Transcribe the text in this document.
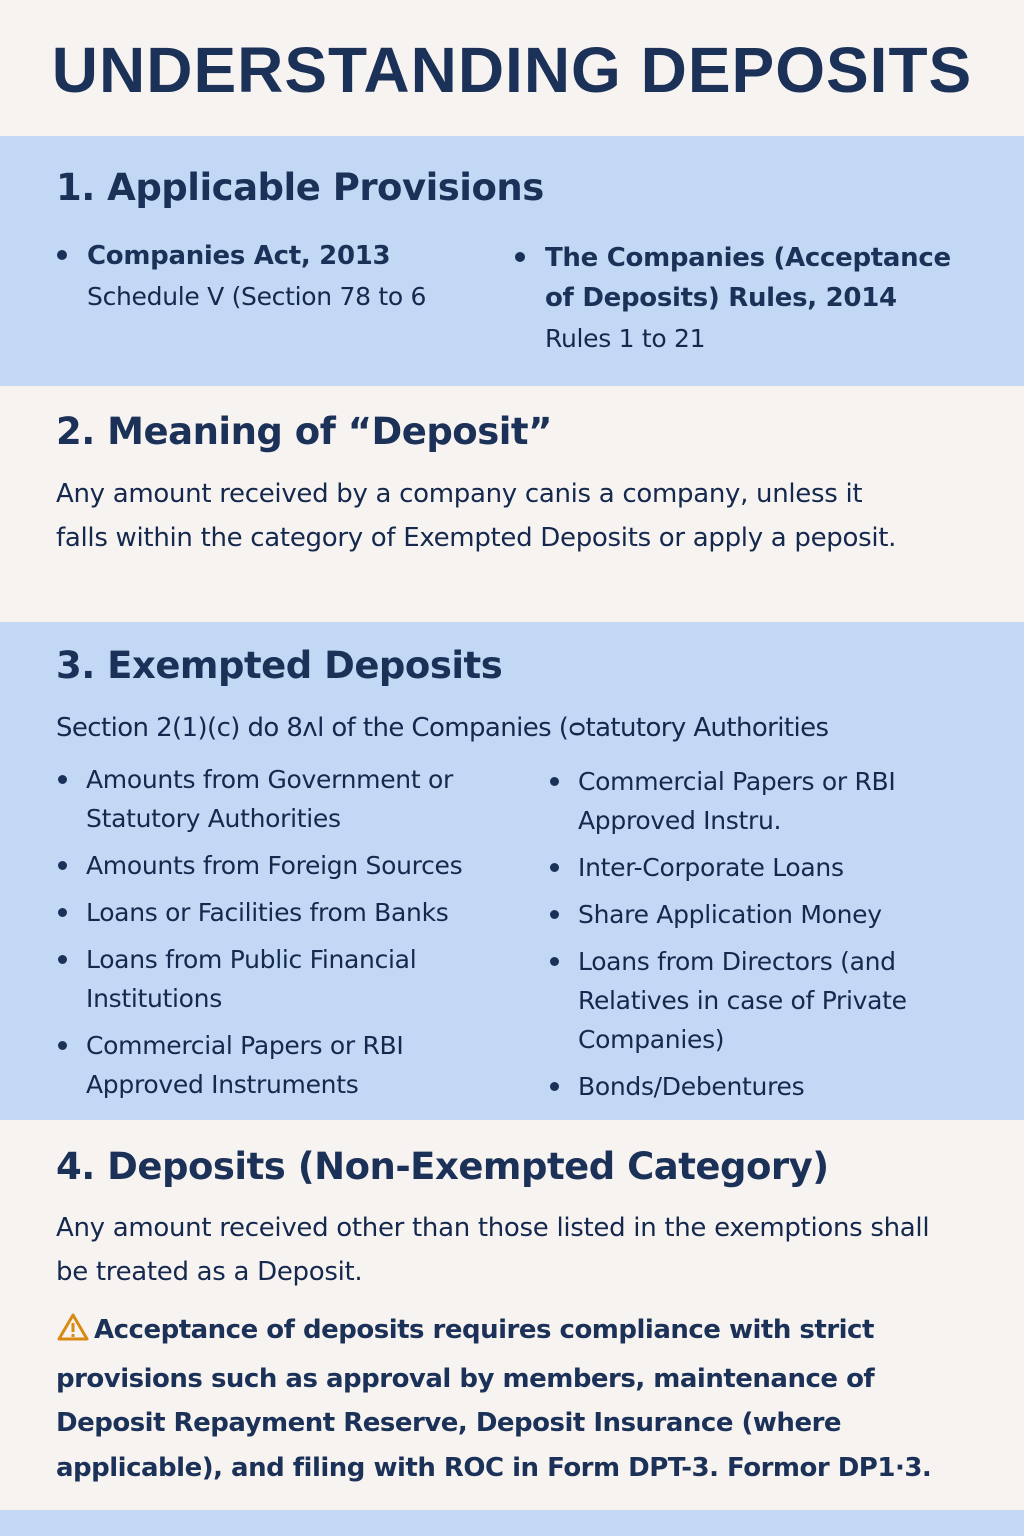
UNDERSTANDING DEPOSITS
1. Applicable Provisions

Companies Act, 2013

Schedule V (Section 78 to 6

The Companies (Acceptance of Deposits) Rules, 2014

Rules 1 to 21

2. Meaning of “Deposit”

Any amount received by a company canis a company, unless it falls within the category of Exempted Deposits or apply a peposit.

3. Exempted Deposits

Section 2(1)(c) do 8ᴧl of the Companies (ᴑtatutory Authorities

Amounts from Government or Statutory Authorities
Amounts from Foreign Sources
Loans or Facilities from Banks
Loans from Public Financial Institutions
Commercial Papers or RBI Approved Instruments
Commercial Papers or RBI Approved Instru.
Inter-Corporate Loans
Share Application Money
Loans from Directors (and Relatives in case of Private Companies)
Bonds/Debentures
4. Deposits (Non-Exempted Category)

Any amount received other than those listed in the exemptions shall be treated as a Deposit.

Acceptance of deposits requires compliance with strict provisions such as approval by members, maintenance of Deposit Repayment Reserve, Deposit Insurance (where applicable), and filing with ROC in Form DPT-3. Formor DP1·3.
